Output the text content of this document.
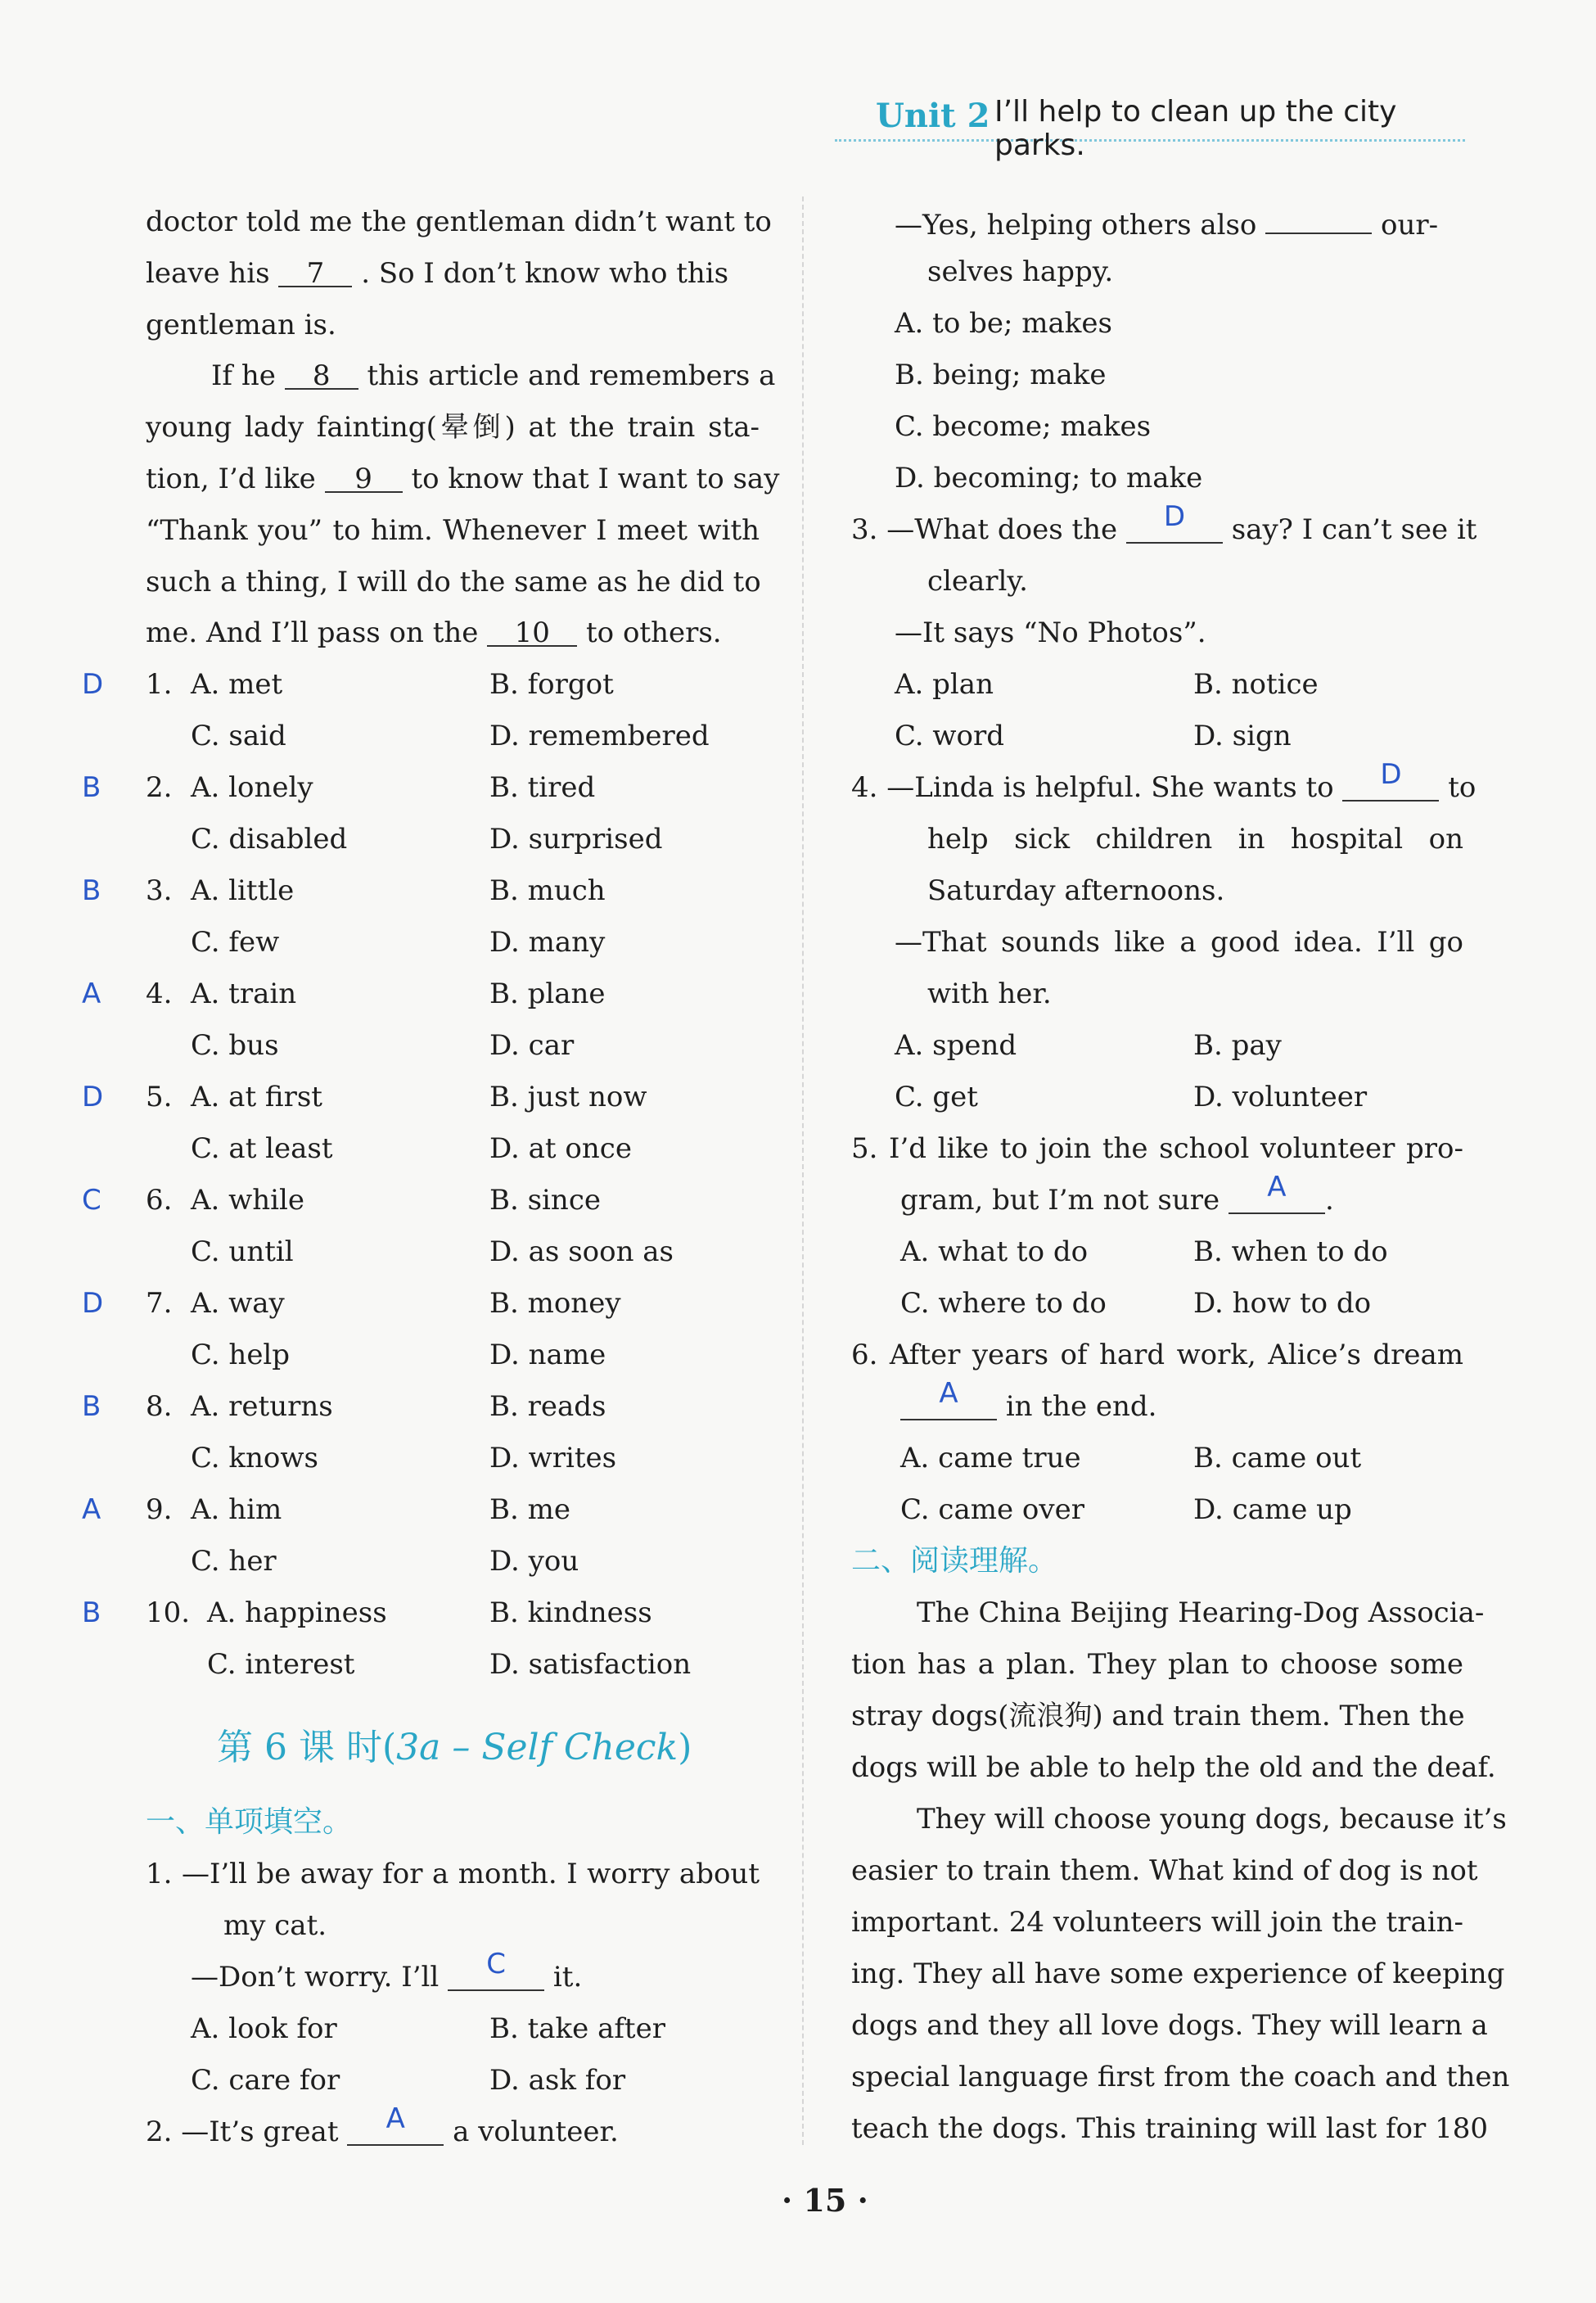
Unit 2 I’ll help to clean up the city parks.
doctor told me the gentleman didn’t want to
leave his 7 . So I don’t know who this
gentleman is.
If he 8 this article and remembers a
young lady fainting(晕倒) at the train sta-
tion, I’d like 9 to know that I want to say
“Thank you” to him. Whenever I meet with
such a thing, I will do the same as he did to
me. And I’ll pass on the 10 to others.
D 1. A. met	B. forgot
C. said	D. remembered
B 2. A. lonely	B. tired
C. disabled	D. surprised
B 3. A. little	B. much
C. few	D. many
A 4. A. train	B. plane
C. bus	D. car
D 5. A. at first	B. just now
C. at least	D. at once
C 6. A. while	B. since
C. until	D. as soon as
D 7. A. way	B. money
C. help	D. name
B 8. A. returns	B. reads
C. knows	D. writes
A 9. A. him	B. me
C. her	D. you
B 10. A. happiness	B. kindness
C. interest	D. satisfaction
第 6 课 时(3a – Self Check)
一、单项填空。
1. —I’ll be away for a month. I worry about
my cat.
—Don’t worry. I’ll C it.
A. look for	B. take after
C. care for	D. ask for
2. —It’s great A a volunteer.
—Yes, helping others also	our-
selves happy.
A. to be; makes
B. being; make
C. become; makes
D. becoming; to make
3. —What does the D say? I can’t see it
clearly.
—It says “No Photos”.
A. plan	B. notice
C. word	D. sign
4. —Linda is helpful. She wants to D to
help sick children in hospital on
Saturday afternoons.
—That sounds like a good idea. I’ll go
with her.
A. spend	B. pay
C. get	D. volunteer
5. I’d like to join the school volunteer pro-
gram, but I’m not sure A .
A. what to do	B. when to do
C. where to do	D. how to do
6. After years of hard work, Alice’s dream
A in the end.
A. came true	B. came out
C. came over	D. came up
二、阅读理解。
The China Beijing Hearing-Dog Associa-
tion has a plan. They plan to choose some
stray dogs(流浪狗) and train them. Then the
dogs will be able to help the old and the deaf.
They will choose young dogs, because it’s
easier to train them. What kind of dog is not
important. 24 volunteers will join the train-
ing. They all have some experience of keeping
dogs and they all love dogs. They will learn a
special language first from the coach and then
teach the dogs. This training will last for 180
· 15 ·
